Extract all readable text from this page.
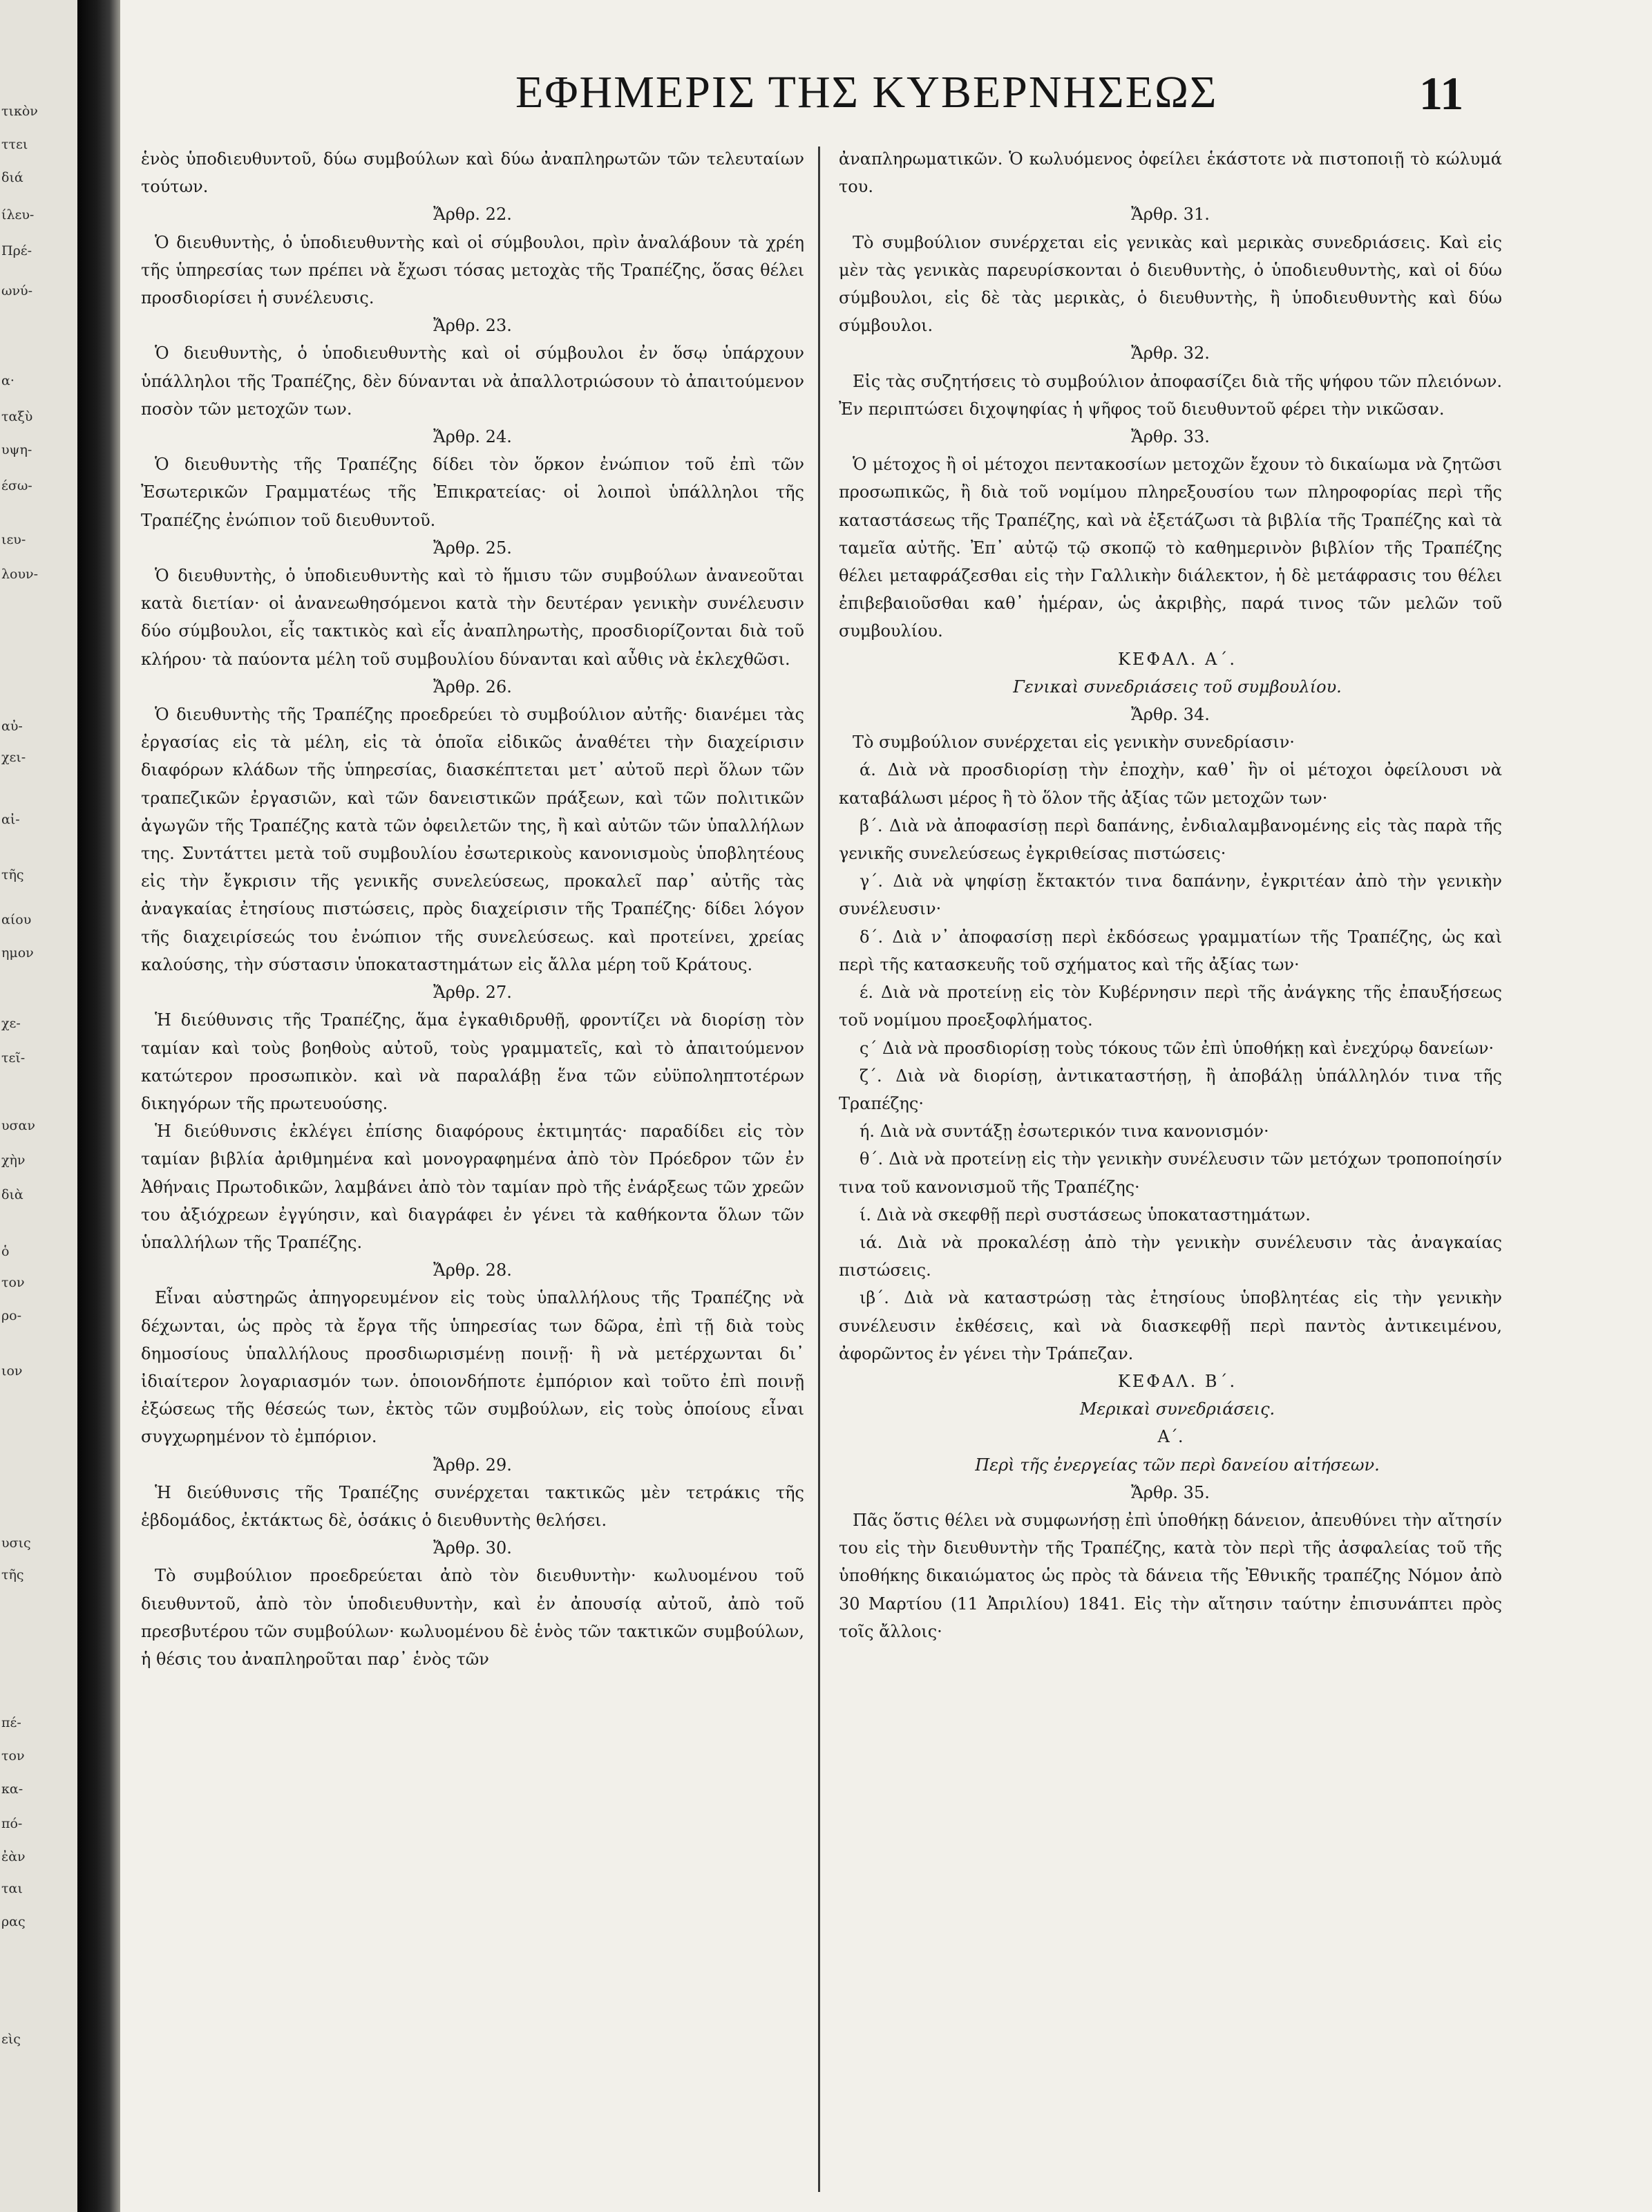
τικὸν
ττει
διά
ίλευ-
Πρέ-
ωνύ-
α·
ταξὺ
υψη-
έσω-
ιευ-
λουν-
αὐ-
χει-
αἰ-
τῆς
αίου
ημον
χε-
τεῖ-
υσαν
χὴν
διὰ
ὁ
τον
ρο-
ιον
υσις
τῆς
πέ-
τον
κα-
πό-
ἐὰν
ται
ρας
εὶς
ΕΦΗΜΕΡΙΣ ΤΗΣ ΚΥΒΕΡΝΗΣΕΩΣ	11

ἑνὸς ὑποδιευθυντοῦ, δύω συμβούλων καὶ δύω ἀναπληρωτῶν τῶν τελευταίων τούτων.

Ἄρθρ. 22.

Ὁ διευθυντὴς, ὁ ὑποδιευθυντὴς καὶ οἱ σύμβουλοι, πρὶν ἀναλάβουν τὰ χρέη τῆς ὑπηρεσίας των πρέπει νὰ ἔχωσι τόσας μετοχὰς τῆς Τραπέζης, ὅσας θέλει προσδιορίσει ἡ συνέλευσις.

Ἄρθρ. 23.

Ὁ διευθυντὴς, ὁ ὑποδιευθυντὴς καὶ οἱ σύμβουλοι ἐν ὅσῳ ὑπάρχουν ὑπάλληλοι τῆς Τραπέζης, δὲν δύνανται νὰ ἀπαλλοτριώσουν τὸ ἀπαιτούμενον ποσὸν τῶν μετοχῶν των.

Ἄρθρ. 24.

Ὁ διευθυντὴς τῆς Τραπέζης δίδει τὸν ὅρκον ἐνώπιον τοῦ ἐπὶ τῶν Ἐσωτερικῶν Γραμματέως τῆς Ἐπικρατείας· οἱ λοιποὶ ὑπάλληλοι τῆς Τραπέζης ἐνώπιον τοῦ διευθυντοῦ.

Ἄρθρ. 25.

Ὁ διευθυντὴς, ὁ ὑποδιευθυντὴς καὶ τὸ ἥμισυ τῶν συμβούλων ἀνανεοῦται κατὰ διετίαν· οἱ ἀνανεωθησόμενοι κατὰ τὴν δευτέραν γενικὴν συνέλευσιν δύο σύμβουλοι, εἷς τακτικὸς καὶ εἷς ἀναπληρωτὴς, προσδιορίζονται διὰ τοῦ κλήρου· τὰ παύοντα μέλη τοῦ συμβουλίου δύνανται καὶ αὖθις νὰ ἐκλεχθῶσι.

Ἄρθρ. 26.

Ὁ διευθυντὴς τῆς Τραπέζης προεδρεύει τὸ συμβούλιον αὐτῆς· διανέμει τὰς ἐργασίας εἰς τὰ μέλη, εἰς τὰ ὁποῖα εἰδικῶς ἀναθέτει τὴν διαχείρισιν διαφόρων κλάδων τῆς ὑπηρεσίας, διασκέπτεται μετ᾽ αὐτοῦ περὶ ὅλων τῶν τραπεζικῶν ἐργασιῶν, καὶ τῶν δανειστικῶν πράξεων, καὶ τῶν πολιτικῶν ἀγωγῶν τῆς Τραπέζης κατὰ τῶν ὀφειλετῶν της, ἢ καὶ αὐτῶν τῶν ὑπαλλήλων της. Συντάττει μετὰ τοῦ συμβουλίου ἐσωτερικοὺς κανονισμοὺς ὑποβλητέους εἰς τὴν ἔγκρισιν τῆς γενικῆς συνελεύσεως, προκαλεῖ παρ᾽ αὐτῆς τὰς ἀναγκαίας ἐτησίους πιστώσεις, πρὸς διαχείρισιν τῆς Τραπέζης· δίδει λόγον τῆς διαχειρίσεώς του ἐνώπιον τῆς συνελεύσεως. καὶ προτείνει, χρείας καλούσης, τὴν σύστασιν ὑποκαταστημάτων εἰς ἄλλα μέρη τοῦ Κράτους.

Ἄρθρ. 27.

Ἡ διεύθυνσις τῆς Τραπέζης, ἅμα ἐγκαθιδρυθῇ, φροντίζει νὰ διορίσῃ τὸν ταμίαν καὶ τοὺς βοηθοὺς αὐτοῦ, τοὺς γραμματεῖς, καὶ τὸ ἀπαιτούμενον κατώτερον προσωπικὸν. καὶ νὰ παραλάβῃ ἕνα τῶν εὐϋποληπτοτέρων δικηγόρων τῆς πρωτευούσης.

Ἡ διεύθυνσις ἐκλέγει ἐπίσης διαφόρους ἐκτιμητάς· παραδίδει εἰς τὸν ταμίαν βιβλία ἀριθμημένα καὶ μονογραφημένα ἀπὸ τὸν Πρόεδρον τῶν ἐν Ἀθήναις Πρωτοδικῶν, λαμβάνει ἀπὸ τὸν ταμίαν πρὸ τῆς ἐνάρξεως τῶν χρεῶν του ἀξιόχρεων ἐγγύησιν, καὶ διαγράφει ἐν γένει τὰ καθήκοντα ὅλων τῶν ὑπαλλήλων τῆς Τραπέζης.

Ἄρθρ. 28.

Εἶναι αὐστηρῶς ἀπηγορευμένον εἰς τοὺς ὑπαλλήλους τῆς Τραπέζης νὰ δέχωνται, ὡς πρὸς τὰ ἔργα τῆς ὑπηρεσίας των δῶρα, ἐπὶ τῇ διὰ τοὺς δημοσίους ὑπαλλήλους προσδιωρισμένῃ ποινῇ· ἢ νὰ μετέρχωνται δι᾽ ἰδιαίτερον λογαριασμόν των. ὁποιονδήποτε ἐμπόριον καὶ τοῦτο ἐπὶ ποινῇ ἐξώσεως τῆς θέσεώς των, ἐκτὸς τῶν συμβούλων, εἰς τοὺς ὁποίους εἶναι συγχωρημένον τὸ ἐμπόριον.

Ἄρθρ. 29.

Ἡ διεύθυνσις τῆς Τραπέζης συνέρχεται τακτικῶς μὲν τετράκις τῆς ἑβδομάδος, ἐκτάκτως δὲ, ὁσάκις ὁ διευθυντὴς θελήσει.

Ἄρθρ. 30.

Τὸ συμβούλιον προεδρεύεται ἀπὸ τὸν διευθυντὴν· κωλυομένου τοῦ διευθυντοῦ, ἀπὸ τὸν ὑποδιευθυντὴν, καὶ ἐν ἀπουσίᾳ αὐτοῦ, ἀπὸ τοῦ πρεσβυτέρου τῶν συμβούλων· κωλυομένου δὲ ἑνὸς τῶν τακτικῶν συμβούλων, ἡ θέσις του ἀναπληροῦται παρ᾽ ἑνὸς τῶν

ἀναπληρωματικῶν. Ὁ κωλυόμενος ὀφείλει ἑκάστοτε νὰ πιστοποιῇ τὸ κώλυμά του.

Ἄρθρ. 31.

Τὸ συμβούλιον συνέρχεται εἰς γενικὰς καὶ μερικὰς συνεδριάσεις. Καὶ εἰς μὲν τὰς γενικὰς παρευρίσκονται ὁ διευθυντὴς, ὁ ὑποδιευθυντὴς, καὶ οἱ δύω σύμβουλοι, εἰς δὲ τὰς μερικὰς, ὁ διευθυντὴς, ἢ ὑποδιευθυντὴς καὶ δύω σύμβουλοι.

Ἄρθρ. 32.

Εἰς τὰς συζητήσεις τὸ συμβούλιον ἀποφασίζει διὰ τῆς ψήφου τῶν πλειόνων. Ἐν περιπτώσει διχοψηφίας ἡ ψῆφος τοῦ διευθυντοῦ φέρει τὴν νικῶσαν.

Ἄρθρ. 33.

Ὁ μέτοχος ἢ οἱ μέτοχοι πεντακοσίων μετοχῶν ἔχουν τὸ δικαίωμα νὰ ζητῶσι προσωπικῶς, ἢ διὰ τοῦ νομίμου πληρεξουσίου των πληροφορίας περὶ τῆς καταστάσεως τῆς Τραπέζης, καὶ νὰ ἐξετάζωσι τὰ βιβλία τῆς Τραπέζης καὶ τὰ ταμεῖα αὐτῆς. Ἐπ᾽ αὐτῷ τῷ σκοπῷ τὸ καθημερινὸν βιβλίον τῆς Τραπέζης θέλει μεταφράζεσθαι εἰς τὴν Γαλλικὴν διάλεκτον, ἡ δὲ μετάφρασις του θέλει ἐπιβεβαιοῦσθαι καθ᾽ ἡμέραν, ὡς ἀκριβὴς, παρά τινος τῶν μελῶν τοῦ συμβουλίου.

ΚΕΦΑΛ. Α΄.

Γενικαὶ συνεδριάσεις τοῦ συμβουλίου.

Ἄρθρ. 34.

Τὸ συμβούλιον συνέρχεται εἰς γενικὴν συνεδρίασιν·

ά. Διὰ νὰ προσδιορίσῃ τὴν ἐποχὴν, καθ᾽ ἣν οἱ μέτοχοι ὀφείλουσι νὰ καταβάλωσι μέρος ἢ τὸ ὅλον τῆς ἀξίας τῶν μετοχῶν των·

β΄. Διὰ νὰ ἀποφασίσῃ περὶ δαπάνης, ἐνδιαλαμβανομένης εἰς τὰς παρὰ τῆς γενικῆς συνελεύσεως ἐγκριθείσας πιστώσεις·

γ΄. Διὰ νὰ ψηφίσῃ ἔκτακτόν τινα δαπάνην, ἐγκριτέαν ἀπὸ τὴν γενικὴν συνέλευσιν·

δ΄. Διὰ ν᾽ ἀποφασίσῃ περὶ ἐκδόσεως γραμματίων τῆς Τραπέζης, ὡς καὶ περὶ τῆς κατασκευῆς τοῦ σχήματος καὶ τῆς ἀξίας των·

έ. Διὰ νὰ προτείνῃ εἰς τὸν Κυβέρνησιν περὶ τῆς ἀνάγκης τῆς ἐπαυξήσεως τοῦ νομίμου προεξοφλήματος.

ς΄ Διὰ νὰ προσδιορίσῃ τοὺς τόκους τῶν ἐπὶ ὑποθήκῃ καὶ ἐνεχύρῳ δανείων·

ζ΄. Διὰ νὰ διορίσῃ, ἀντικαταστήσῃ, ἢ ἀποβάλῃ ὑπάλληλόν τινα τῆς Τραπέζης·

ή. Διὰ νὰ συντάξῃ ἐσωτερικόν τινα κανονισμόν·

θ΄. Διὰ νὰ προτείνῃ εἰς τὴν γενικὴν συνέλευσιν τῶν μετόχων τροποποίησίν τινα τοῦ κανονισμοῦ τῆς Τραπέζης·

ί. Διὰ νὰ σκεφθῇ περὶ συστάσεως ὑποκαταστημάτων.

ιά. Διὰ νὰ προκαλέσῃ ἀπὸ τὴν γενικὴν συνέλευσιν τὰς ἀναγκαίας πιστώσεις.

ιβ΄. Διὰ νὰ καταστρώσῃ τὰς ἐτησίους ὑποβλητέας εἰς τὴν γενικὴν συνέλευσιν ἐκθέσεις, καὶ νὰ διασκεφθῇ περὶ παντὸς ἀντικειμένου, ἀφορῶντος ἐν γένει τὴν Τράπεζαν.

ΚΕΦΑΛ. Β΄.

Μερικαὶ συνεδριάσεις.

Α΄.

Περὶ τῆς ἐνεργείας τῶν περὶ δανείου αἰτήσεων.

Ἄρθρ. 35.

Πᾶς ὅστις θέλει νὰ συμφωνήσῃ ἐπὶ ὑποθήκῃ δάνειον, ἀπευθύνει τὴν αἴτησίν του εἰς τὴν διευθυντὴν τῆς Τραπέζης, κατὰ τὸν περὶ τῆς ἀσφαλείας τοῦ τῆς ὑποθήκης δικαιώματος ὡς πρὸς τὰ δάνεια τῆς Ἐθνικῆς τραπέζης Νόμον ἀπὸ 30 Μαρτίου (11 Ἀπριλίου) 1841. Εἰς τὴν αἴτησιν ταύτην ἐπισυνάπτει πρὸς τοῖς ἄλλοις·
